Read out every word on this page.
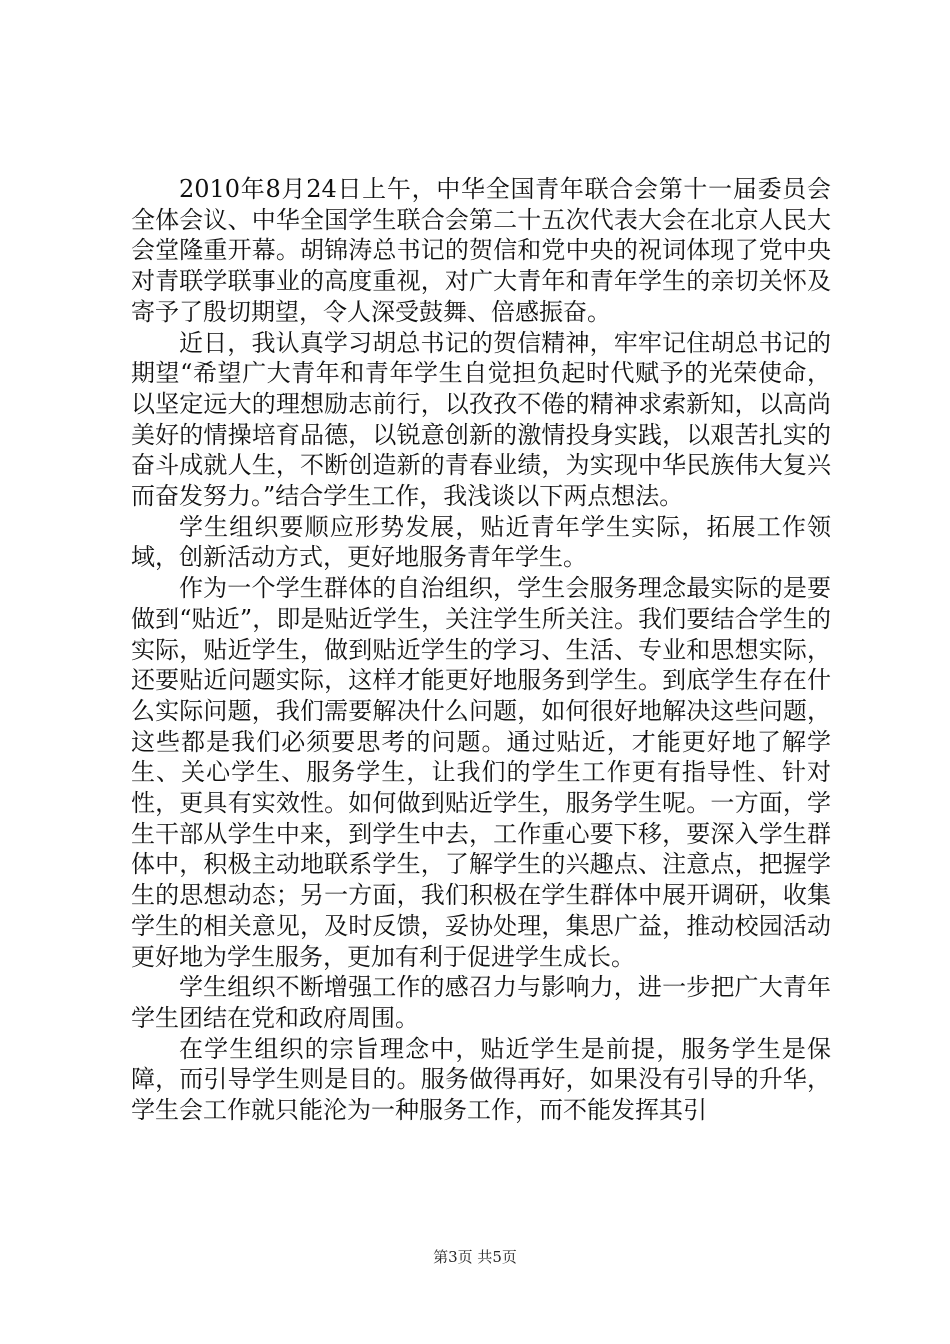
2010年8月24日上午，中华全国青年联合会第十一届委员会全体会议、中华全国学生联合会第二十五次代表大会在北京人民大会堂隆重开幕。胡锦涛总书记的贺信和党中央的祝词体现了党中央对青联学联事业的高度重视，对广大青年和青年学生的亲切关怀及寄予了殷切期望，令人深受鼓舞、倍感振奋。

近日，我认真学习胡总书记的贺信精神，牢牢记住胡总书记的期望“希望广大青年和青年学生自觉担负起时代赋予的光荣使命，以坚定远大的理想励志前行，以孜孜不倦的精神求索新知，以高尚美好的情操培育品德，以锐意创新的激情投身实践，以艰苦扎实的奋斗成就人生，不断创造新的青春业绩，为实现中华民族伟大复兴而奋发努力。”结合学生工作，我浅谈以下两点想法。

学生组织要顺应形势发展，贴近青年学生实际，拓展工作领域，创新活动方式，更好地服务青年学生。

作为一个学生群体的自治组织，学生会服务理念最实际的是要做到“贴近”，即是贴近学生，关注学生所关注。我们要结合学生的实际，贴近学生，做到贴近学生的学习、生活、专业和思想实际，还要贴近问题实际，这样才能更好地服务到学生。到底学生存在什么实际问题，我们需要解决什么问题，如何很好地解决这些问题，这些都是我们必须要思考的问题。通过贴近，才能更好地了解学生、关心学生、服务学生，让我们的学生工作更有指导性、针对性，更具有实效性。如何做到贴近学生，服务学生呢。一方面，学生干部从学生中来，到学生中去，工作重心要下移，要深入学生群体中，积极主动地联系学生，了解学生的兴趣点、注意点，把握学生的思想动态；另一方面，我们积极在学生群体中展开调研，收集学生的相关意见，及时反馈，妥协处理，集思广益，推动校园活动更好地为学生服务，更加有利于促进学生成长。

学生组织不断增强工作的感召力与影响力，进一步把广大青年学生团结在党和政府周围。

在学生组织的宗旨理念中，贴近学生是前提，服务学生是保障，而引导学生则是目的。服务做得再好，如果没有引导的升华，学生会工作就只能沦为一种服务工作，而不能发挥其引

第3页 共5页
